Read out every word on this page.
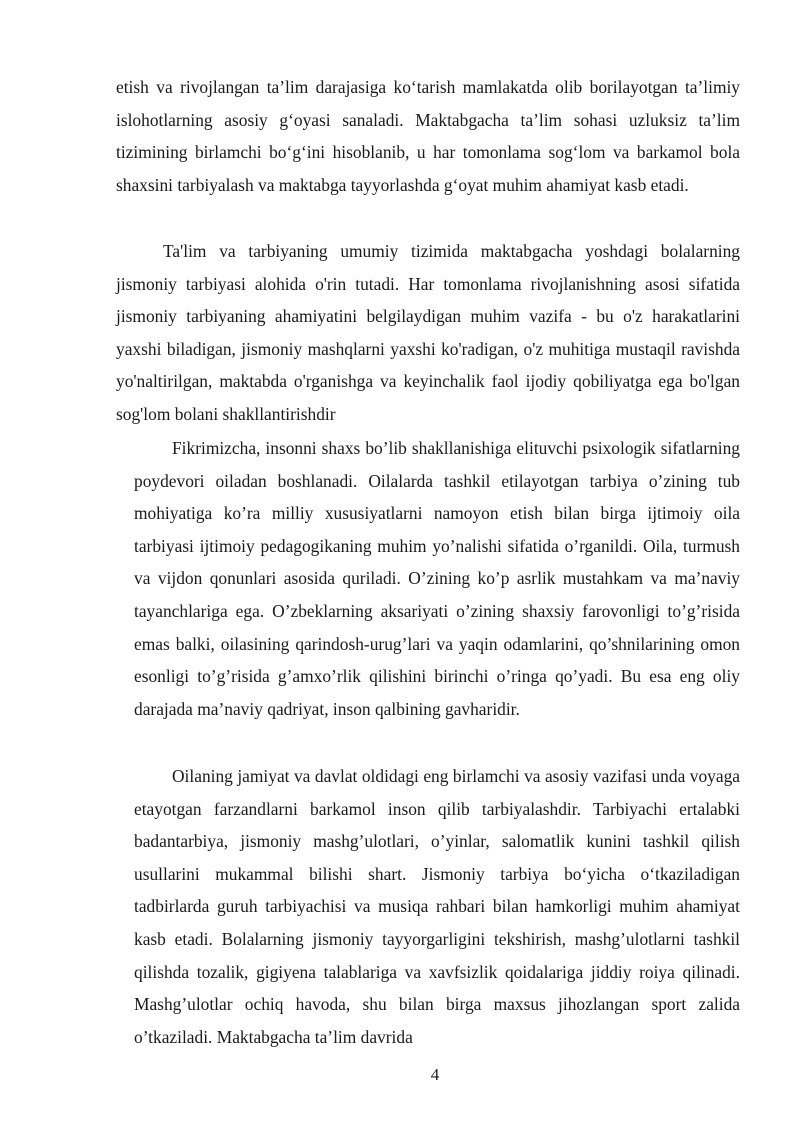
etish va rivojlangan ta’lim darajasiga ko‘tarish mamlakatda olib borilayotgan ta’limiy islohotlarning asosiy g‘oyasi sanaladi. Maktabgacha ta’lim sohasi uzluksiz ta’lim tizimining birlamchi bo‘g‘ini hisoblanib, u har tomonlama sog‘lom va barkamol bola shaxsini tarbiyalash va maktabga tayyorlashda g‘oyat muhim ahamiyat kasb etadi.

Ta'lim va tarbiyaning umumiy tizimida maktabgacha yoshdagi bolalarning jismoniy tarbiyasi alohida o'rin tutadi. Har tomonlama rivojlanishning asosi sifatida jismoniy tarbiyaning ahamiyatini belgilaydigan muhim vazifa - bu o'z harakatlarini yaxshi biladigan, jismoniy mashqlarni yaxshi ko'radigan, o'z muhitiga mustaqil ravishda yo'naltirilgan, maktabda o'rganishga va keyinchalik faol ijodiy qobiliyatga ega bo'lgan sog'lom bolani shakllantirishdir

Fikrimizcha, insonni shaxs bo’lib shakllanishiga elituvchi psixologik sifatlarning poydevori oiladan boshlanadi. Oilalarda tashkil etilayotgan tarbiya o’zining tub mohiyatiga ko’ra milliy xususiyatlarni namoyon etish bilan birga ijtimoiy oila tarbiyasi ijtimoiy pedagogikaning muhim yo’nalishi sifatida o’rganildi. Oila, turmush va vijdon qonunlari asosida quriladi. O’zining ko’p asrlik mustahkam va ma’naviy tayanchlariga ega. O’zbeklarning aksariyati o’zining shaxsiy farovonligi to’g’risida emas balki, oilasining qarindosh-urug’lari va yaqin odamlarini, qo’shnilarining omon esonligi to’g’risida g’amxo’rlik qilishini birinchi o’ringa qo’yadi. Bu esa eng oliy darajada ma’naviy qadriyat, inson qalbining gavharidir.

Oilaning jamiyat va davlat oldidagi eng birlamchi va asosiy vazifasi unda voyaga etayotgan farzandlarni barkamol inson qilib tarbiyalashdir. Tarbiyachi ertalabki badantarbiya, jismoniy mashg’ulotlari, o’yinlar, salomatlik kunini tashkil qilish usullarini mukammal bilishi shart. Jismoniy tarbiya bo‘yicha o‘tkaziladigan tadbirlarda guruh tarbiyachisi va musiqa rahbari bilan hamkorligi muhim ahamiyat kasb etadi. Bolalarning jismoniy tayyorgarligini tekshirish, mashg’ulotlarni tashkil qilishda tozalik, gigiyena talablariga va xavfsizlik qoidalariga jiddiy roiya qilinadi. Mashg’ulotlar ochiq havoda, shu bilan birga maxsus jihozlangan sport zalida o’tkaziladi. Maktabgacha ta’lim davrida

4
